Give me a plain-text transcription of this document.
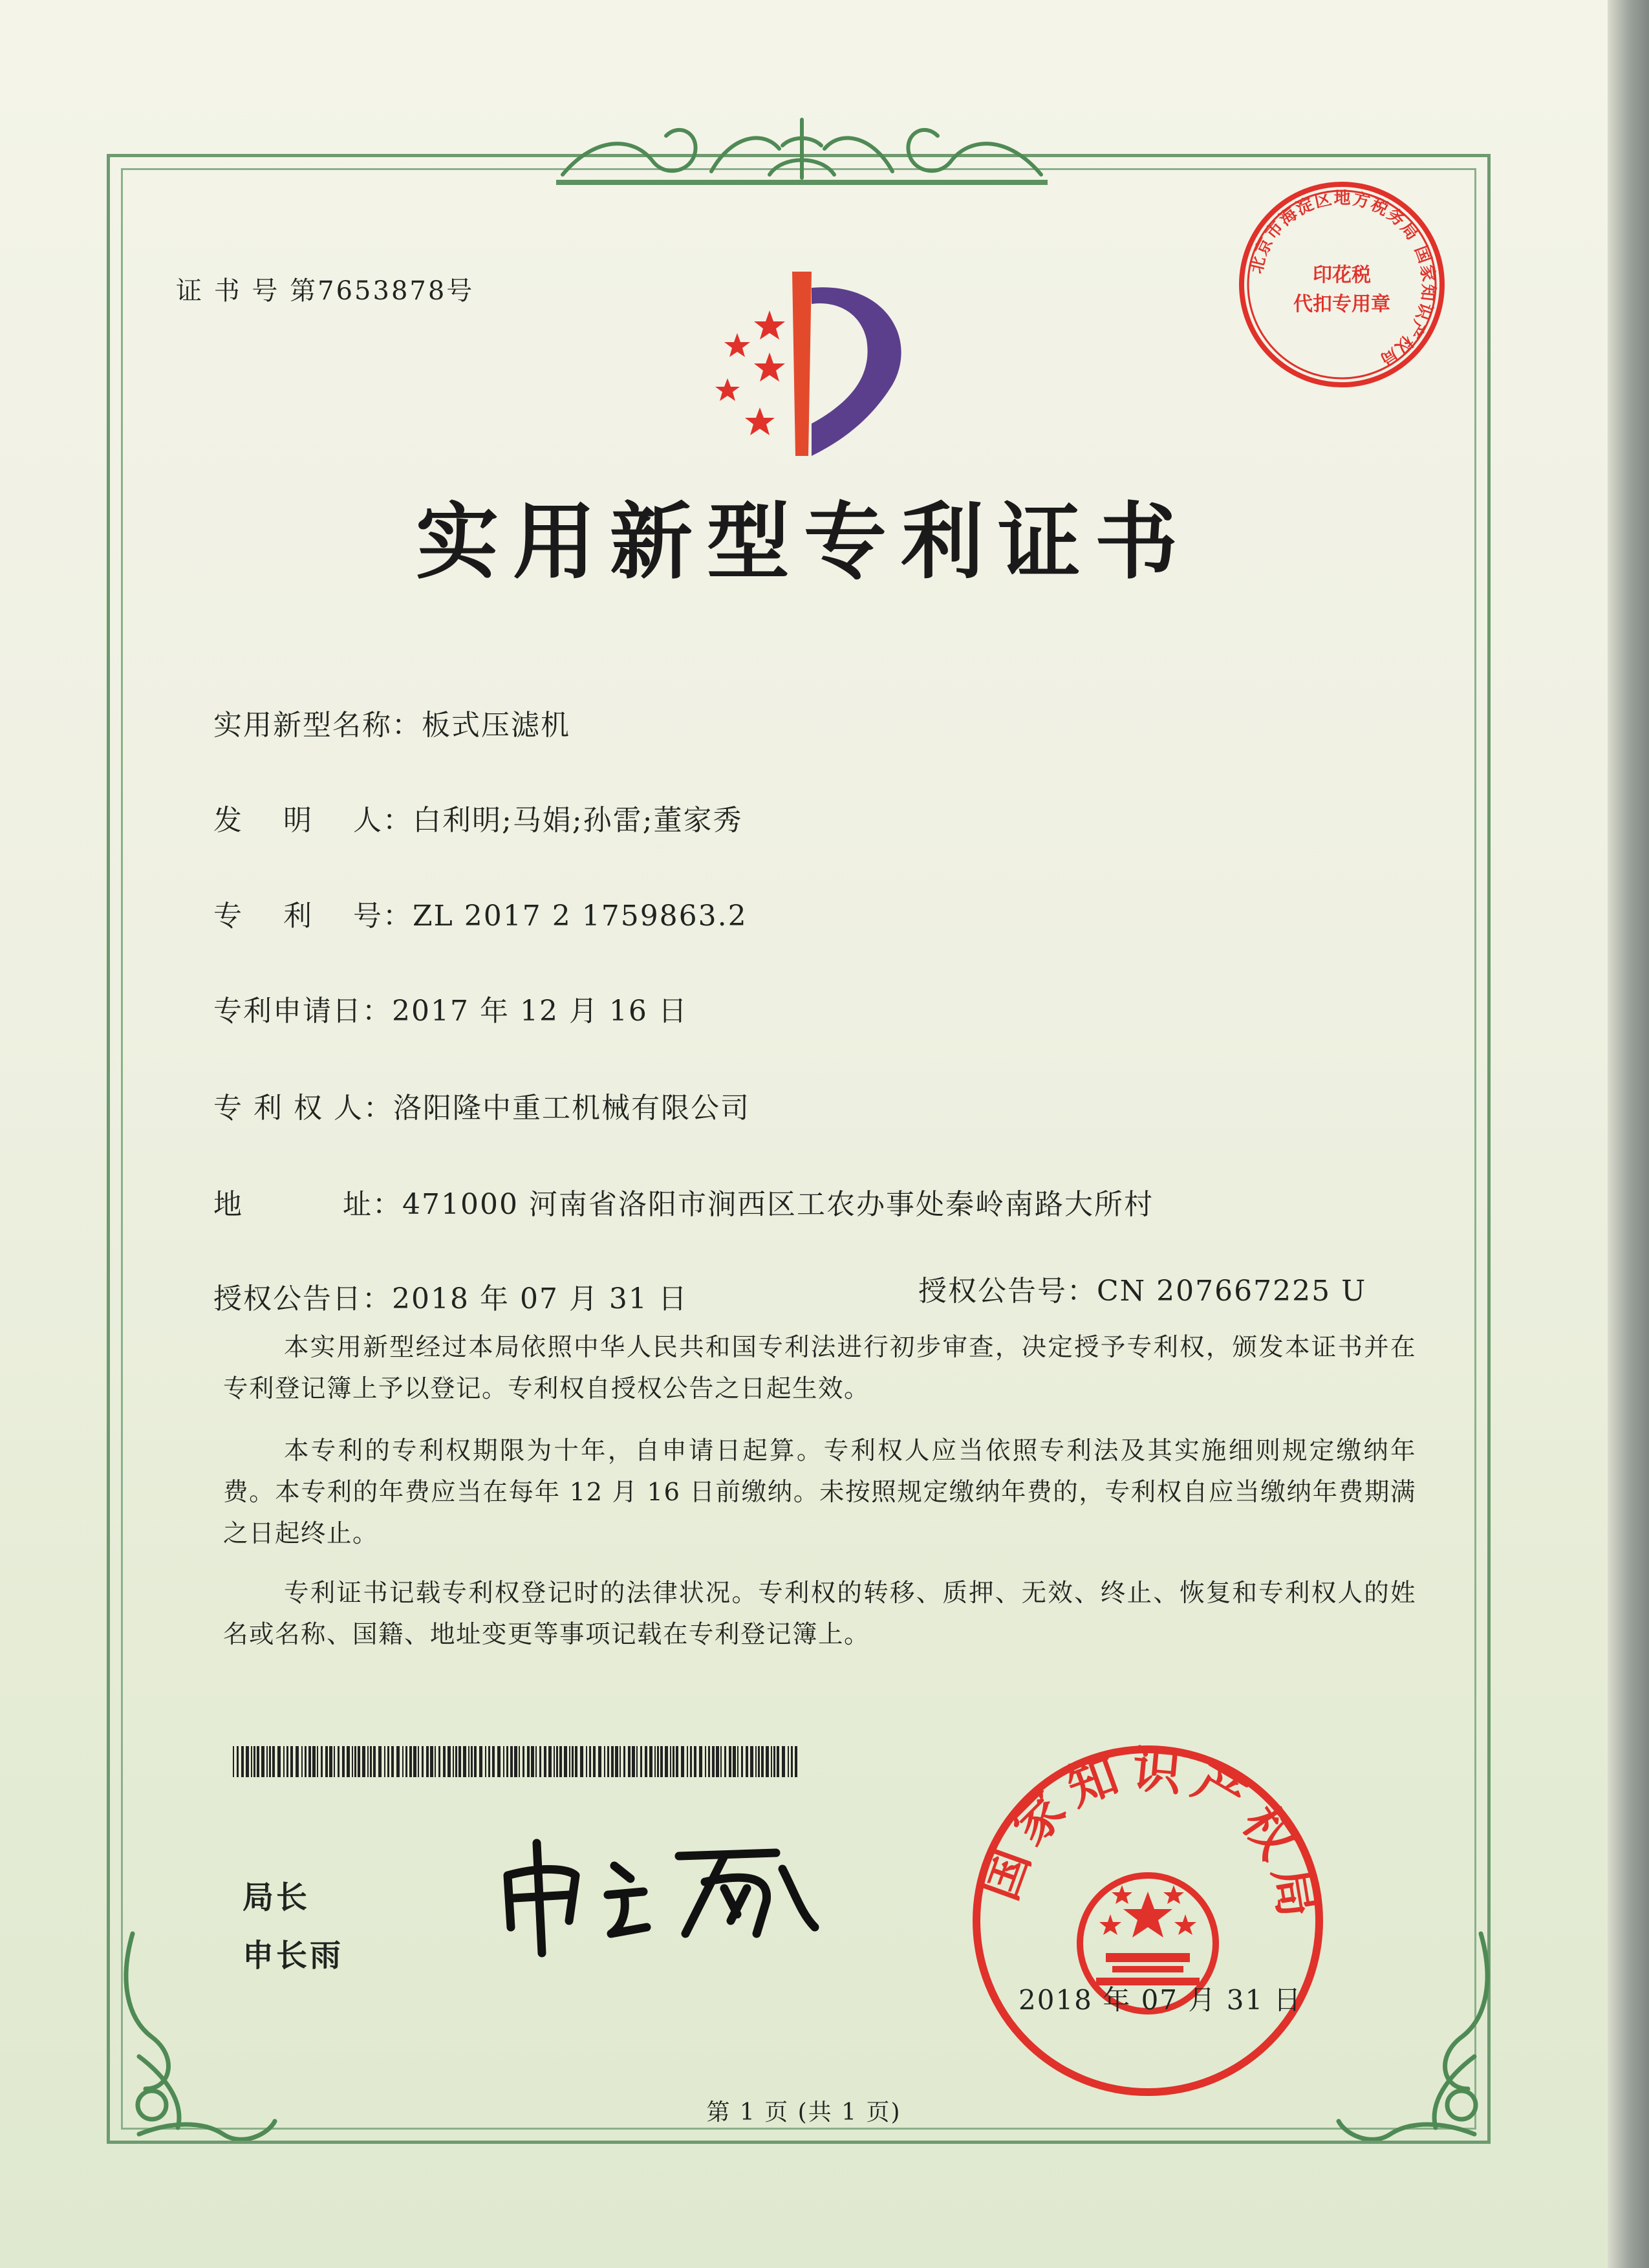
证 书 号 第7653878号
北京市海淀区地方税务局 国家知识产权局
印花税
代扣专用章
实用新型专利证书
实用新型名称：板式压滤机
发　 明　 人：白利明;马娟;孙雷;董家秀
专　 利　 号：ZL 2017 2 1759863.2
专利申请日：2017 年 12 月 16 日
专 利 权 人：洛阳隆中重工机械有限公司
地　　　 址：471000 河南省洛阳市涧西区工农办事处秦岭南路大所村
授权公告日：2018 年 07 月 31 日	授权公告号：CN 207667225 U

本实用新型经过本局依照中华人民共和国专利法进行初步审查，决定授予专利权，颁发本证书并在专利登记簿上予以登记。专利权自授权公告之日起生效。

本专利的专利权期限为十年，自申请日起算。专利权人应当依照专利法及其实施细则规定缴纳年费。本专利的年费应当在每年 12 月 16 日前缴纳。未按照规定缴纳年费的，专利权自应当缴纳年费期满之日起终止。

专利证书记载专利权登记时的法律状况。专利权的转移、质押、无效、终止、恢复和专利权人的姓名或名称、国籍、地址变更等事项记载在专利登记簿上。

局长
申长雨
国家知识产权局
2018 年 07 月 31 日
第 1 页 (共 1 页)
